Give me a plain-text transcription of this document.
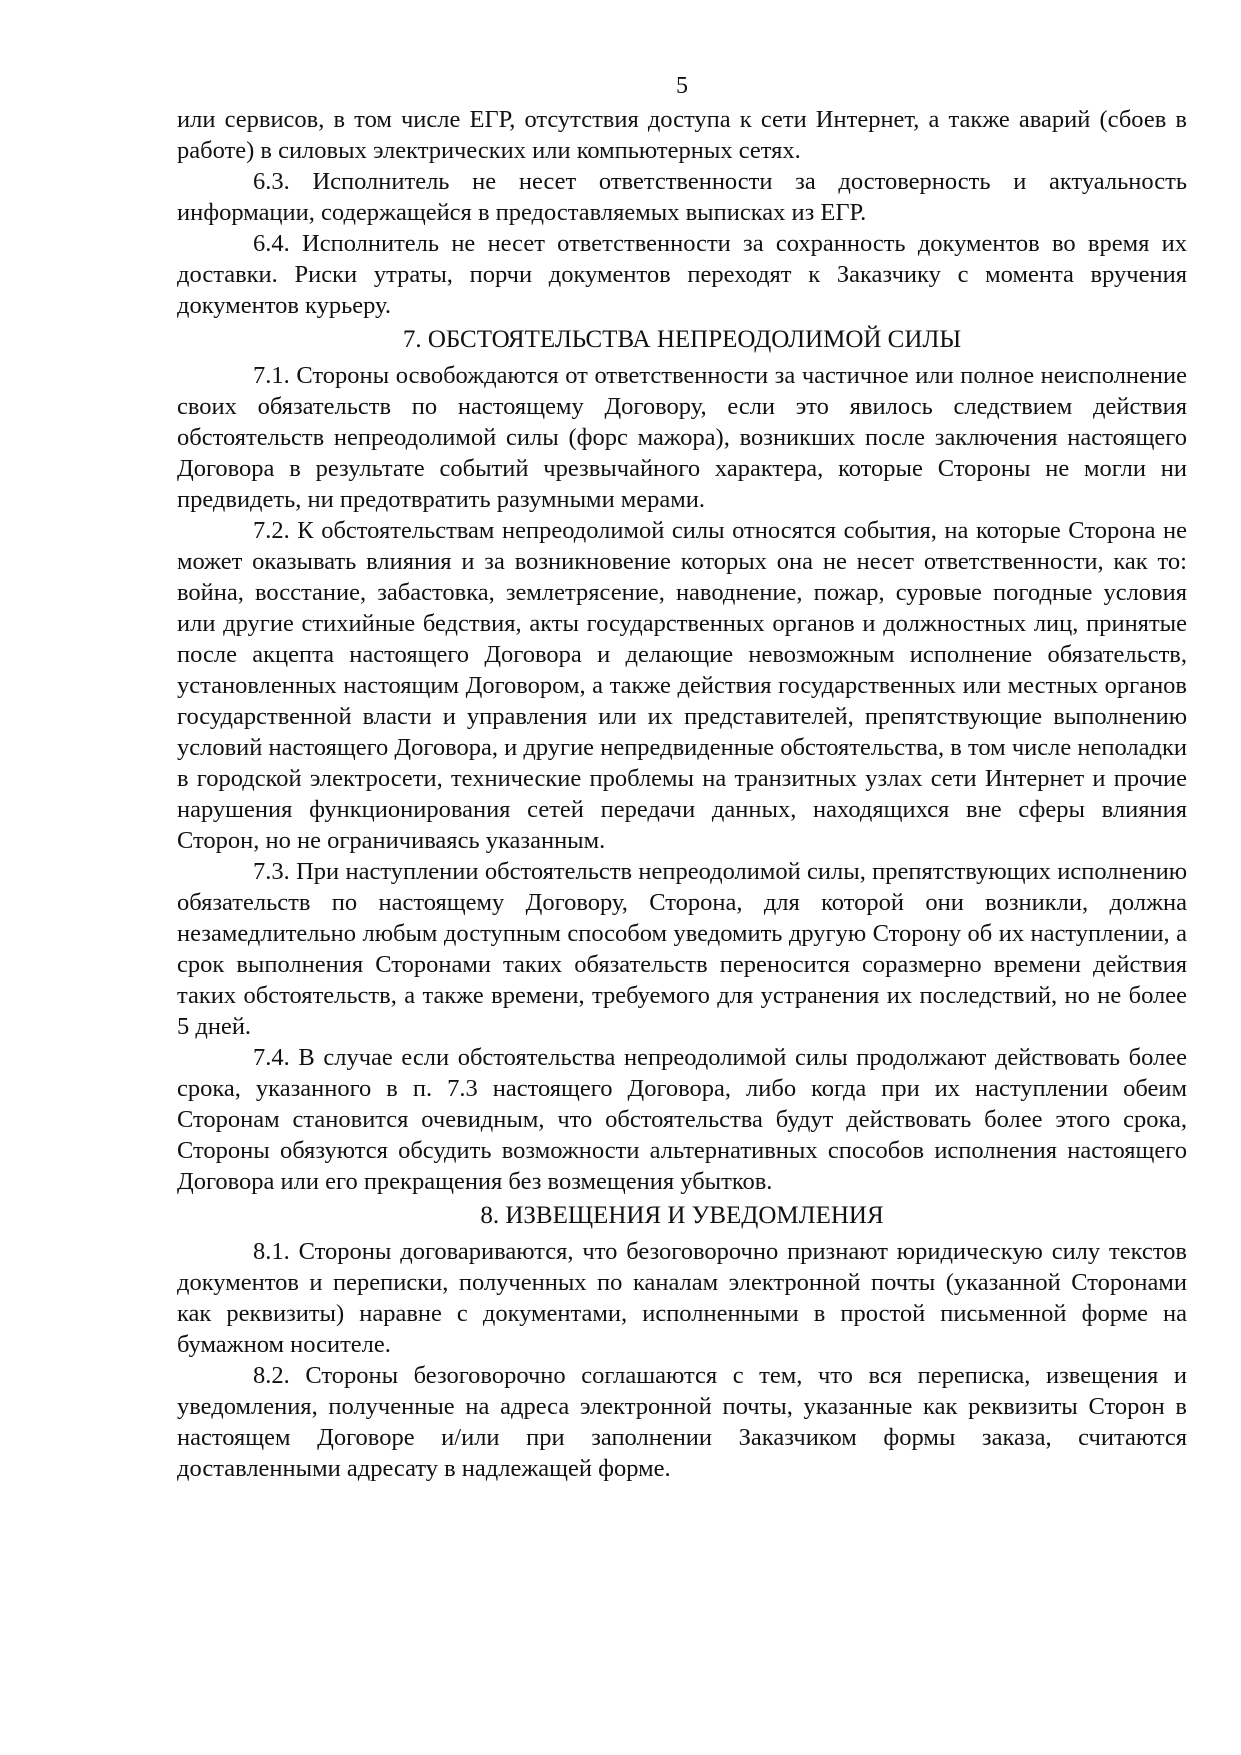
5

или сервисов, в том числе ЕГР, отсутствия доступа к сети Интернет, а также аварий (сбоев в работе) в силовых электрических или компьютерных сетях.

6.3. Исполнитель не несет ответственности за достоверность и актуальность информации, содержащейся в предоставляемых выписках из ЕГР.

6.4. Исполнитель не несет ответственности за сохранность документов во время их доставки. Риски утраты, порчи документов переходят к Заказчику с момента вручения документов курьеру.

7. ОБСТОЯТЕЛЬСТВА НЕПРЕОДОЛИМОЙ СИЛЫ

7.1. Стороны освобождаются от ответственности за частичное или полное неисполнение своих обязательств по настоящему Договору, если это явилось следствием действия обстоятельств непреодолимой силы (форс мажора), возникших после заключения настоящего Договора в результате событий чрезвычайного характера, которые Стороны не могли ни предвидеть, ни предотвратить разумными мерами.

7.2. К обстоятельствам непреодолимой силы относятся события, на которые Сторона не может оказывать влияния и за возникновение которых она не несет ответственности, как то: война, восстание, забастовка, землетрясение, наводнение, пожар, суровые погодные условия или другие стихийные бедствия, акты государственных органов и должностных лиц, принятые после акцепта настоящего Договора и делающие невозможным исполнение обязательств, установленных настоящим Договором, а также действия государственных или местных органов государственной власти и управления или их представителей, препятствующие выполнению условий настоящего Договора, и другие непредвиденные обстоятельства, в том числе неполадки в городской электросети, технические проблемы на транзитных узлах сети Интернет и прочие нарушения функционирования сетей передачи данных, находящихся вне сферы влияния Сторон, но не ограничиваясь указанным.

7.3. При наступлении обстоятельств непреодолимой силы, препятствующих исполнению обязательств по настоящему Договору, Сторона, для которой они возникли, должна незамедлительно любым доступным способом уведомить другую Сторону об их наступлении, а срок выполнения Сторонами таких обязательств переносится соразмерно времени действия таких обстоятельств, а также времени, требуемого для устранения их последствий, но не более 5 дней.

7.4. В случае если обстоятельства непреодолимой силы продолжают действовать более срока, указанного в п. 7.3 настоящего Договора, либо когда при их наступлении обеим Сторонам становится очевидным, что обстоятельства будут действовать более этого срока, Стороны обязуются обсудить возможности альтернативных способов исполнения настоящего Договора или его прекращения без возмещения убытков.

8. ИЗВЕЩЕНИЯ И УВЕДОМЛЕНИЯ

8.1. Стороны договариваются, что безоговорочно признают юридическую силу текстов документов и переписки, полученных по каналам электронной почты (указанной Сторонами как реквизиты) наравне с документами, исполненными в простой письменной форме на бумажном носителе.

8.2. Стороны безоговорочно соглашаются с тем, что вся переписка, извещения и уведомления, полученные на адреса электронной почты, указанные как реквизиты Сторон в настоящем Договоре и/или при заполнении Заказчиком формы заказа, считаются доставленными адресату в надлежащей форме.
